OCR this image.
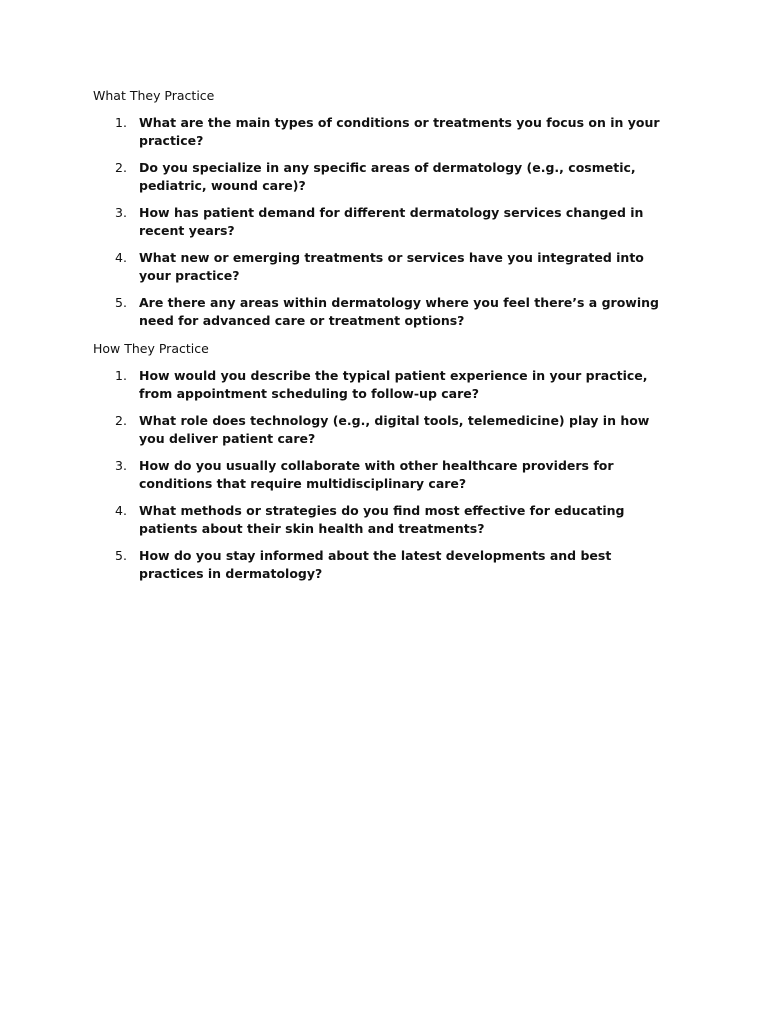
What They Practice
1. What are the main types of conditions or treatments you focus on in your practice?
2. Do you specialize in any specific areas of dermatology (e.g., cosmetic, pediatric, wound care)?
3. How has patient demand for different dermatology services changed in recent years?
4. What new or emerging treatments or services have you integrated into your practice?
5. Are there any areas within dermatology where you feel there’s a growing need for advanced care or treatment options?
How They Practice
1. How would you describe the typical patient experience in your practice, from appointment scheduling to follow-up care?
2. What role does technology (e.g., digital tools, telemedicine) play in how you deliver patient care?
3. How do you usually collaborate with other healthcare providers for conditions that require multidisciplinary care?
4. What methods or strategies do you find most effective for educating patients about their skin health and treatments?
5. How do you stay informed about the latest developments and best practices in dermatology?
